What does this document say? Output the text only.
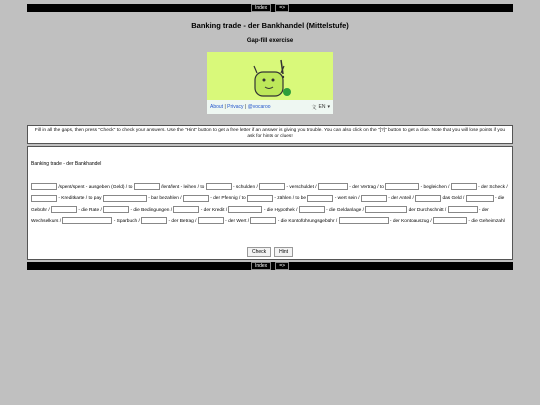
Index	=>
Banking trade - der Bankhandel (Mittelstufe)
Gap-fill exercise
About | Privacy | @vocaroo	文 EN ▾
Fill in all the gaps, then press "Check" to check your answers. Use the "Hint" button to get a free letter if an answer is giving you trouble. You can also click on the "[?]" button to get a clue. Note that you will lose points if you ask for hints or clues!
Banking trade - der Bankhandel
/spent/spent - ausgeben (Geld) / to	/lent/lent - leihen / to	- schulden /	- verschuldet /	- der Vertrag / to	- begleichen /	- der Scheck /  - Kreditkarte / to pay	- bar bezahlen /	- der Pfennig / to	- zählen / to be	- wert sein /	- der Anteil /	das Geld /	- die Gebühr /	- die Rate /	- die Bedingungen /	- der Kredit /	- die Hypothek /	- die Geldanlage /	der Durchschnitt /	- der Wechselkurs /	- Sparbuch /	- der Betrag /	- der Wert /	- die Kontoführungsgebühr /	- der Kontoauszug /	- die Geheimzahl
Check	Hint
Index	=>
